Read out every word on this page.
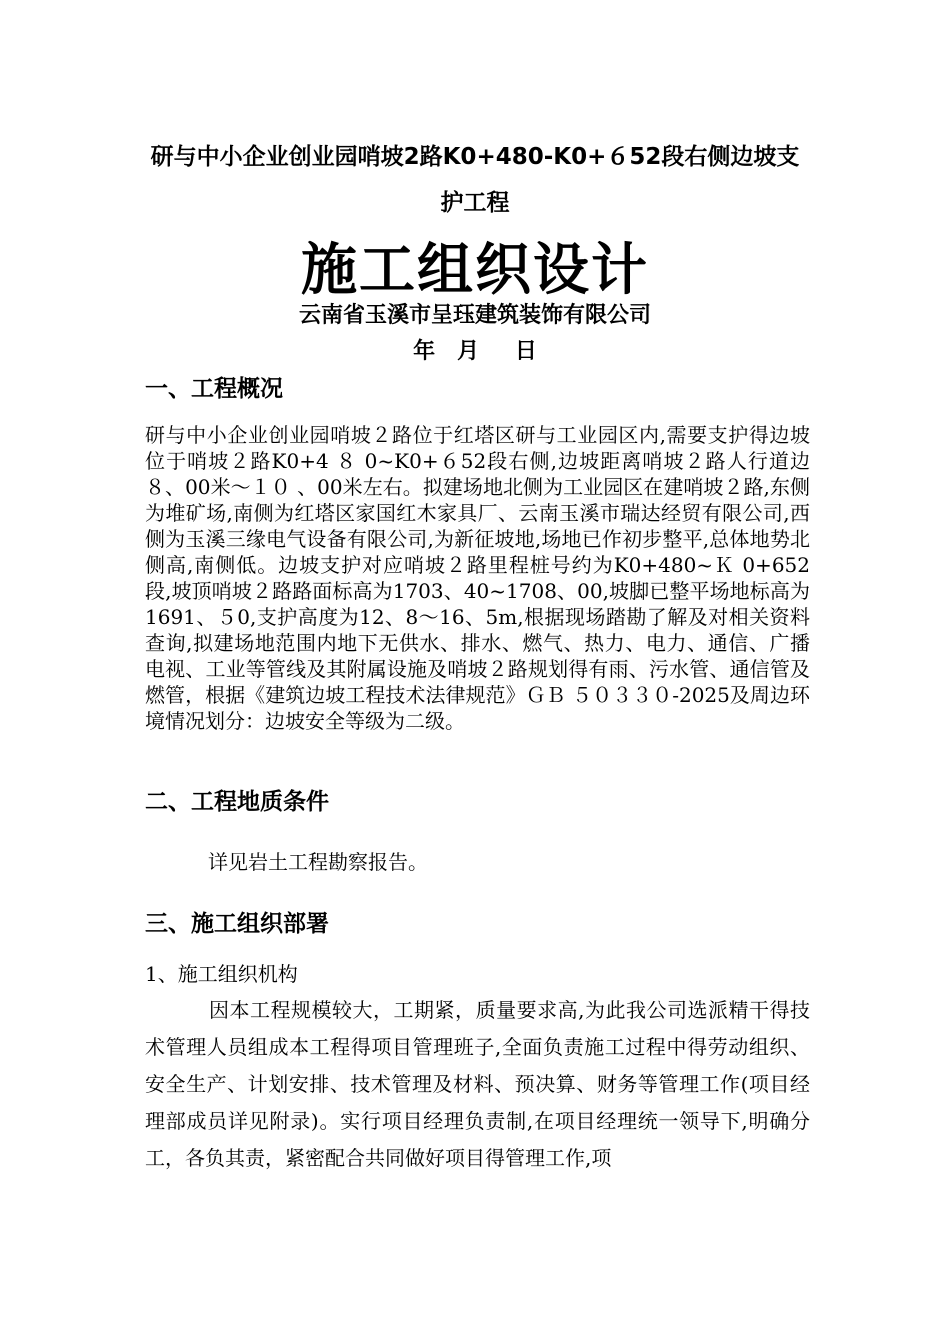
研与中小企业创业园哨坡2路K0+480-K0+６52段右侧边坡支
护工程
施工组织设计
云南省玉溪市呈珏建筑装饰有限公司
年　月　 日
一、工程概况

研与中小企业创业园哨坡２路位于红塔区研与工业园区内,需要支护得边坡位于哨坡２路K0+4 ８ 0~K0+６52段右侧,边坡距离哨坡２路人行道边８、00米～１０ 、00米左右。拟建场地北侧为工业园区在建哨坡２路,东侧为堆矿场,南侧为红塔区家国红木家具厂、云南玉溪市瑞达经贸有限公司,西侧为玉溪三缘电气设备有限公司,为新征坡地,场地已作初步整平,总体地势北侧高,南侧低。边坡支护对应哨坡２路里程桩号约为K0+480~Ｋ 0+652段,坡顶哨坡２路路面标高为1703、40~1708、00,坡脚已整平场地标高为1691、５0,支护高度为12、8～16、5m,根据现场踏勘了解及对相关资料查询,拟建场地范围内地下无供水、排水、燃气、热力、电力、通信、广播电视、工业等管线及其附属设施及哨坡２路规划得有雨、污水管、通信管及燃管，根据《建筑边坡工程技术法律规范》ＧＢ ５０３３０-2025及周边环境情况划分：边坡安全等级为二级。

二、工程地质条件
详见岩土工程勘察报告。
三、施工组织部署
1、施工组织机构

因本工程规模较大，工期紧，质量要求高,为此我公司选派精干得技术管理人员组成本工程得项目管理班子,全面负责施工过程中得劳动组织、安全生产、计划安排、技术管理及材料、预决算、财务等管理工作(项目经理部成员详见附录)。实行项目经理负责制,在项目经理统一领导下,明确分工，各负其责，紧密配合共同做好项目得管理工作,项
